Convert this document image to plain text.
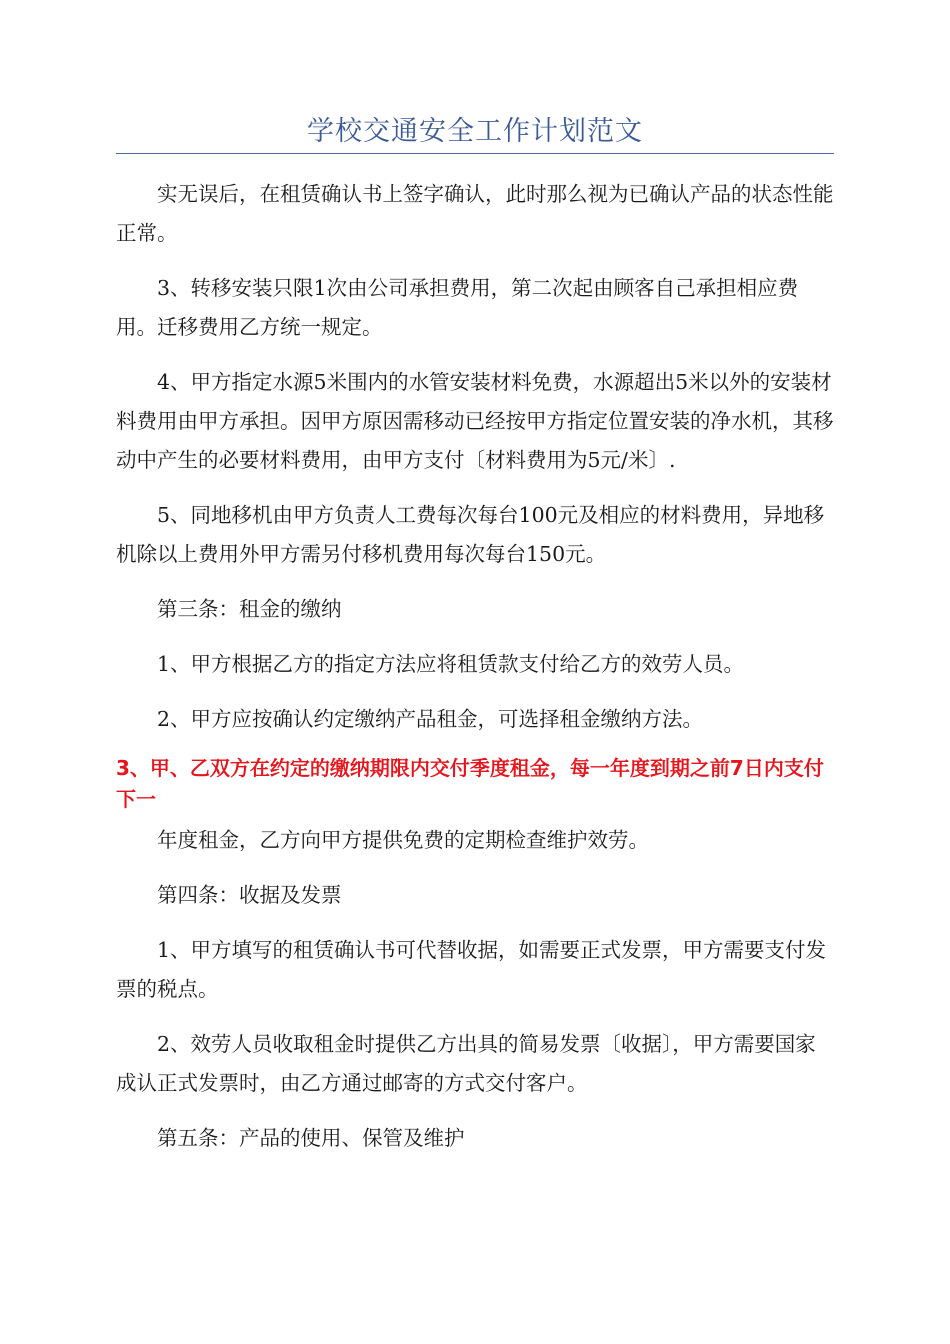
学校交通安全工作计划范文

实无误后，在租赁确认书上签字确认，此时那么视为已确认产品的状态性能正常。

3、转移安装只限1次由公司承担费用，第二次起由顾客自己承担相应费用。迁移费用乙方统一规定。

4、甲方指定水源5米围内的水管安装材料免费，水源超出5米以外的安装材料费用由甲方承担。因甲方原因需移动已经按甲方指定位置安装的净水机，其移动中产生的必要材料费用，由甲方支付〔材料费用为5元/米〕.

5、同地移机由甲方负责人工费每次每台100元及相应的材料费用，异地移机除以上费用外甲方需另付移机费用每次每台150元。

第三条：租金的缴纳

1、甲方根据乙方的指定方法应将租赁款支付给乙方的效劳人员。

2、甲方应按确认约定缴纳产品租金，可选择租金缴纳方法。

3、甲、乙双方在约定的缴纳期限内交付季度租金，每一年度到期之前7日内支付下一

年度租金，乙方向甲方提供免费的定期检查维护效劳。

第四条：收据及发票

1、甲方填写的租赁确认书可代替收据，如需要正式发票，甲方需要支付发票的税点。

2、效劳人员收取租金时提供乙方出具的简易发票〔收据〕，甲方需要国家成认正式发票时，由乙方通过邮寄的方式交付客户。

第五条：产品的使用、保管及维护
